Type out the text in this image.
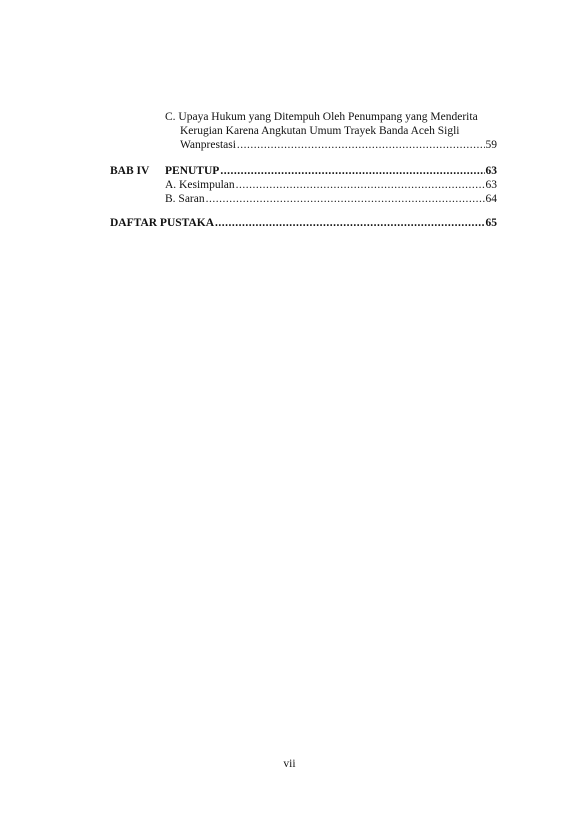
C. Upaya Hukum yang Ditempuh Oleh Penumpang yang Menderita
Kerugian Karena Angkutan Umum Trayek Banda Aceh Sigli
Wanprestasi .....	59
BAB IV PENUTUP .....	63
A. Kesimpulan .....	63
B. Saran .....	64
DAFTAR PUSTAKA .....	65
vii
